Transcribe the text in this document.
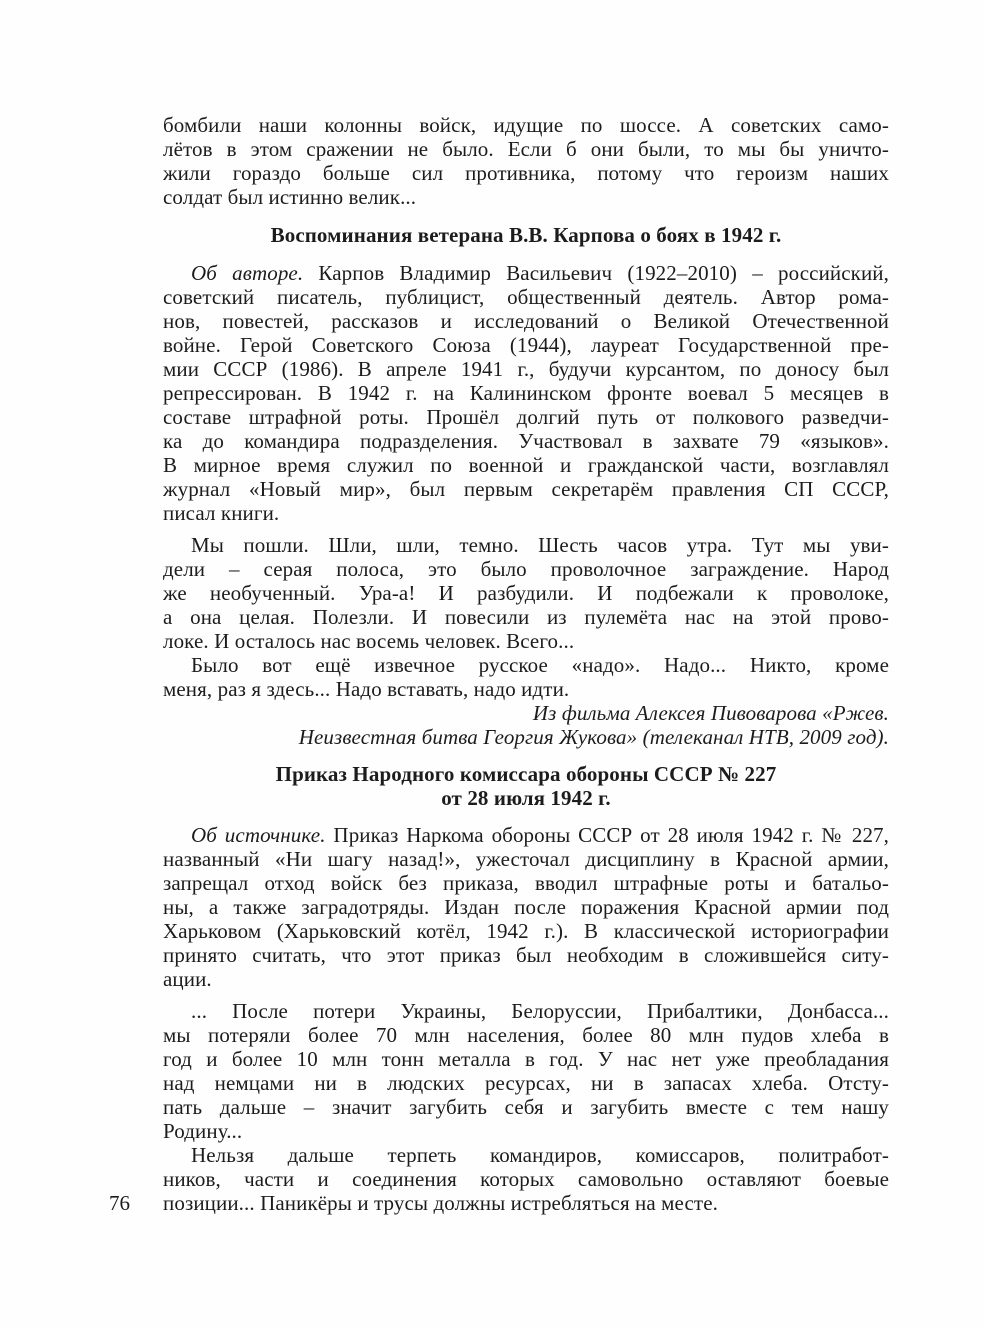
бомбили наши колонны войск, идущие по шоссе. А советских само-
лётов в этом сражении не было. Если б они были, то мы бы уничто-
жили гораздо больше сил противника, потому что героизм наших
солдат был истинно велик...
Воспоминания ветерана В.В. Карпова о боях в 1942 г.
Об авторе. Карпов Владимир Васильевич (1922–2010) – российский,
советский писатель, публицист, общественный деятель. Автор рома-
нов, повестей, рассказов и исследований о Великой Отечественной
войне. Герой Советского Союза (1944), лауреат Государственной пре-
мии СССР (1986). В апреле 1941 г., будучи курсантом, по доносу был
репрессирован. В 1942 г. на Калининском фронте воевал 5 месяцев в
составе штрафной роты. Прошёл долгий путь от полкового разведчи-
ка до командира подразделения. Участвовал в захвате 79 «языков».
В мирное время служил по военной и гражданской части, возглавлял
журнал «Новый мир», был первым секретарём правления СП СССР,
писал книги.
Мы пошли. Шли, шли, темно. Шесть часов утра. Тут мы уви-
дели – серая полоса, это было проволочное заграждение. Народ
же необученный. Ура-а! И разбудили. И подбежали к проволоке,
а она целая. Полезли. И повесили из пулемёта нас на этой прово-
локе. И осталось нас восемь человек. Всего...
Было вот ещё извечное русское «надо». Надо... Никто, кроме
меня, раз я здесь... Надо вставать, надо идти.
Из фильма Алексея Пивоварова «Ржев.
Неизвестная битва Георгия Жукова» (телеканал НТВ, 2009 год).
Приказ Народного комиссара обороны СССР № 227
от 28 июля 1942 г.
Об источнике. Приказ Наркома обороны СССР от 28 июля 1942 г. № 227,
названный «Ни шагу назад!», ужесточал дисциплину в Красной армии,
запрещал отход войск без приказа, вводил штрафные роты и батальо-
ны, а также заградотряды. Издан после поражения Красной армии под
Харьковом (Харьковский котёл, 1942 г.). В классической историографии
принято считать, что этот приказ был необходим в сложившейся ситу-
ации.
... После потери Украины, Белоруссии, Прибалтики, Донбасса...
мы потеряли более 70 млн населения, более 80 млн пудов хлеба в
год и более 10 млн тонн металла в год. У нас нет уже преобладания
над немцами ни в людских ресурсах, ни в запасах хлеба. Отсту-
пать дальше – значит загубить себя и загубить вместе с тем нашу
Родину...
Нельзя дальше терпеть командиров, комиссаров, политработ-
ников, части и соединения которых самовольно оставляют боевые
позиции... Паникёры и трусы должны истребляться на месте.
76
